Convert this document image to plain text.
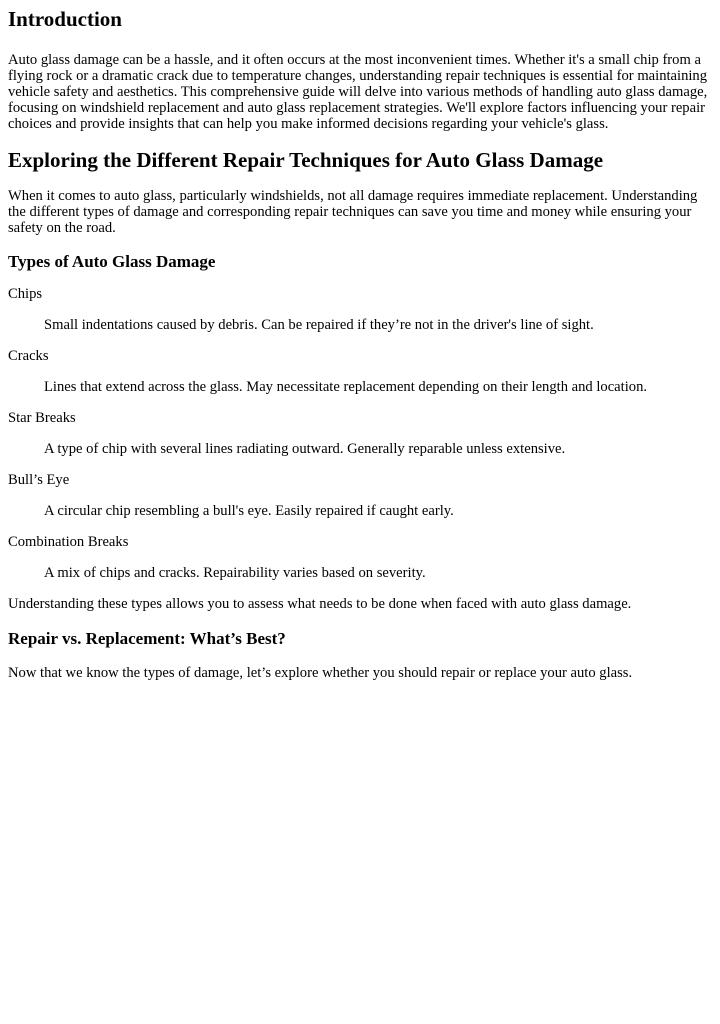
Introduction

Auto glass damage can be a hassle, and it often occurs at the most inconvenient times. Whether it's a small chip from a flying rock or a dramatic crack due to temperature changes, understanding repair techniques is essential for maintaining vehicle safety and aesthetics. This comprehensive guide will delve into various methods of handling auto glass damage, focusing on windshield replacement and auto glass replacement strategies. We'll explore factors influencing your repair choices and provide insights that can help you make informed decisions regarding your vehicle's glass.

Exploring the Different Repair Techniques for Auto Glass Damage

When it comes to auto glass, particularly windshields, not all damage requires immediate replacement. Understanding the different types of damage and corresponding repair techniques can save you time and money while ensuring your safety on the road.

Types of Auto Glass Damage
Chips
Small indentations caused by debris. Can be repaired if they’re not in the driver's line of sight.
Cracks
Lines that extend across the glass. May necessitate replacement depending on their length and location.
Star Breaks
A type of chip with several lines radiating outward. Generally reparable unless extensive.
Bull’s Eye
A circular chip resembling a bull's eye. Easily repaired if caught early.
Combination Breaks
A mix of chips and cracks. Repairability varies based on severity.

Understanding these types allows you to assess what needs to be done when faced with auto glass damage.

Repair vs. Replacement: What’s Best?

Now that we know the types of damage, let’s explore whether you should repair or replace your auto glass.
